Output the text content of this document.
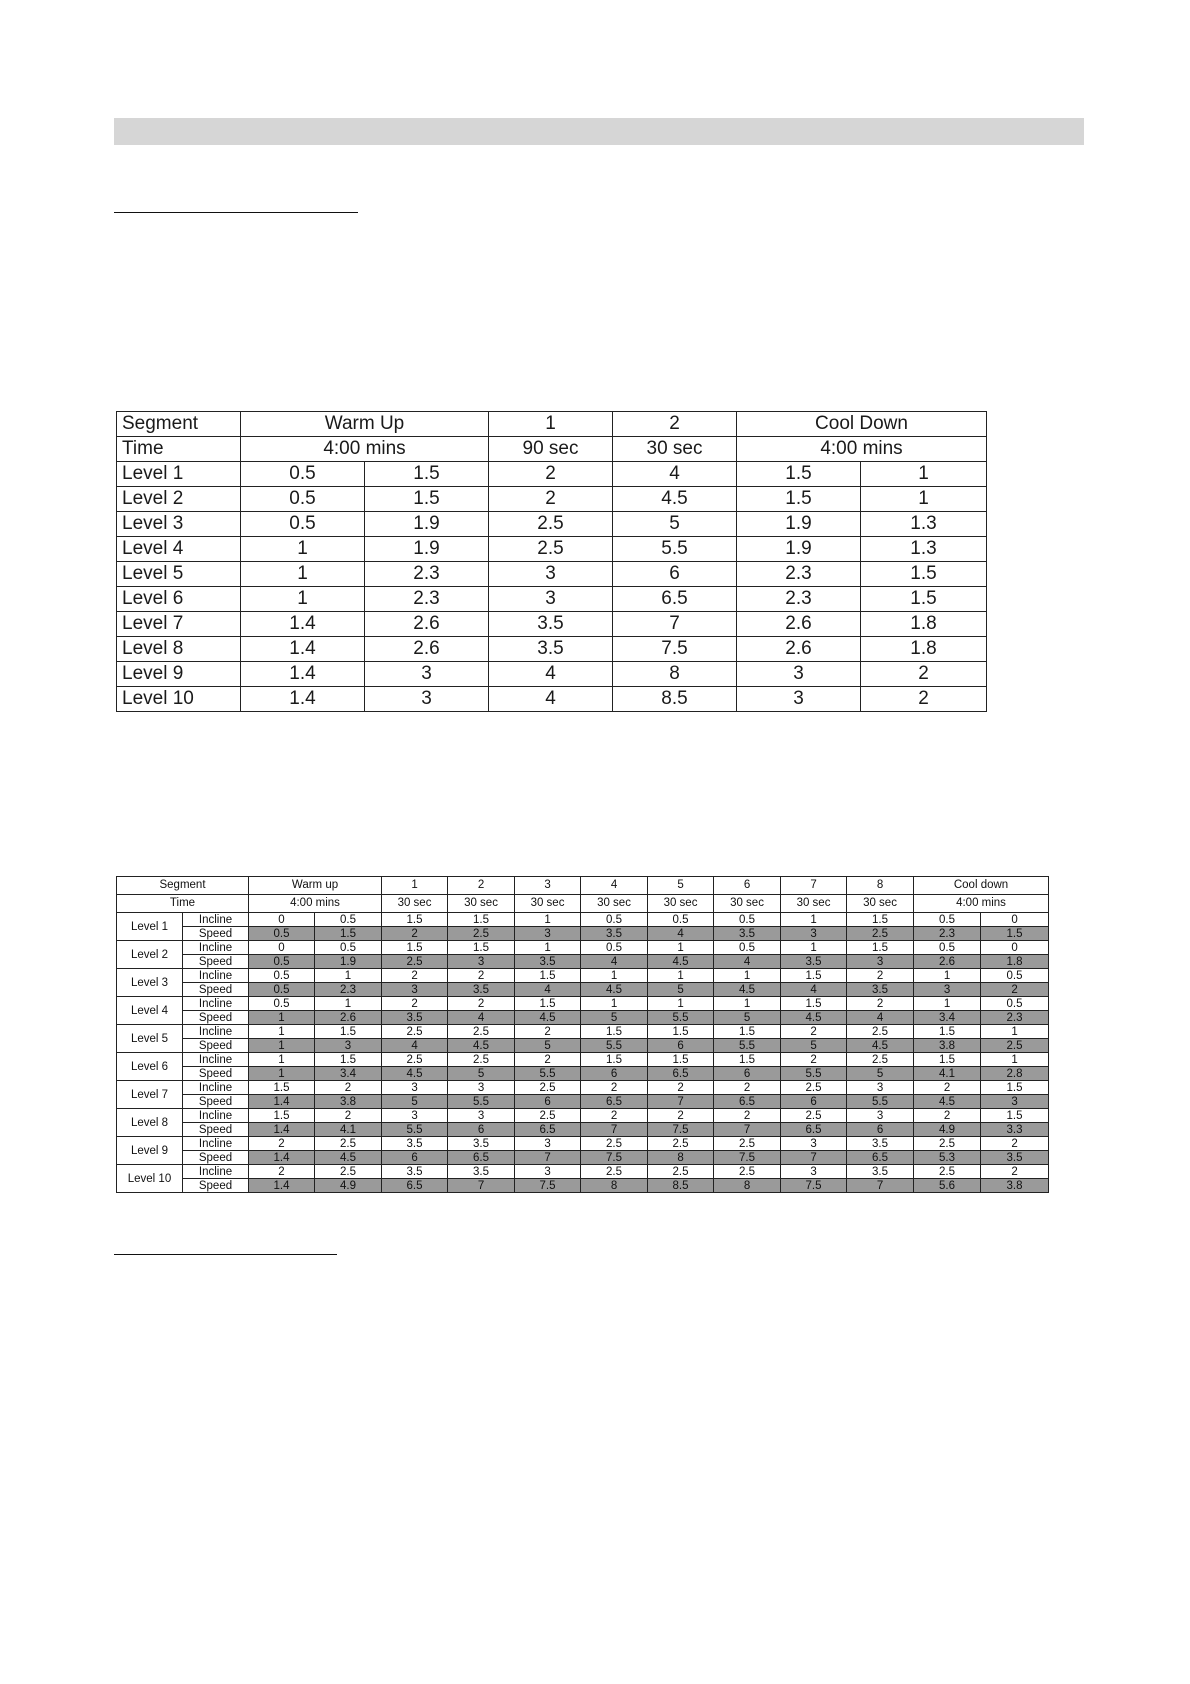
Segment	Warm Up		1	2	Cool Down	
Time	4:00 mins		90 sec	30 sec	4:00 mins	
Level 1	0.5	1.5	2	4	1.5	1
Level 2	0.5	1.5	2	4.5	1.5	1
Level 3	0.5	1.9	2.5	5	1.9	1.3
Level 4	1	1.9	2.5	5.5	1.9	1.3
Level 5	1	2.3	3	6	2.3	1.5
Level 6	1	2.3	3	6.5	2.3	1.5
Level 7	1.4	2.6	3.5	7	2.6	1.8
Level 8	1.4	2.6	3.5	7.5	2.6	1.8
Level 9	1.4	3	4	8	3	2
Level 10	1.4	3	4	8.5	3	2
Segment		Warm up		1	2	3	4	5	6	7	8	Cool down	
Time		4:00 mins		30 sec	30 sec	30 sec	30 sec	30 sec	30 sec	30 sec	30 sec	4:00 mins	
Level 1	Incline	0	0.5	1.5	1.5	1	0.5	0.5	0.5	1	1.5	0.5	0
	Speed	0.5	1.5	2	2.5	3	3.5	4	3.5	3	2.5	2.3	1.5
Level 2	Incline	0	0.5	1.5	1.5	1	0.5	1	0.5	1	1.5	0.5	0
	Speed	0.5	1.9	2.5	3	3.5	4	4.5	4	3.5	3	2.6	1.8
Level 3	Incline	0.5	1	2	2	1.5	1	1	1	1.5	2	1	0.5
	Speed	0.5	2.3	3	3.5	4	4.5	5	4.5	4	3.5	3	2
Level 4	Incline	0.5	1	2	2	1.5	1	1	1	1.5	2	1	0.5
	Speed	1	2.6	3.5	4	4.5	5	5.5	5	4.5	4	3.4	2.3
Level 5	Incline	1	1.5	2.5	2.5	2	1.5	1.5	1.5	2	2.5	1.5	1
	Speed	1	3	4	4.5	5	5.5	6	5.5	5	4.5	3.8	2.5
Level 6	Incline	1	1.5	2.5	2.5	2	1.5	1.5	1.5	2	2.5	1.5	1
	Speed	1	3.4	4.5	5	5.5	6	6.5	6	5.5	5	4.1	2.8
Level 7	Incline	1.5	2	3	3	2.5	2	2	2	2.5	3	2	1.5
	Speed	1.4	3.8	5	5.5	6	6.5	7	6.5	6	5.5	4.5	3
Level 8	Incline	1.5	2	3	3	2.5	2	2	2	2.5	3	2	1.5
	Speed	1.4	4.1	5.5	6	6.5	7	7.5	7	6.5	6	4.9	3.3
Level 9	Incline	2	2.5	3.5	3.5	3	2.5	2.5	2.5	3	3.5	2.5	2
	Speed	1.4	4.5	6	6.5	7	7.5	8	7.5	7	6.5	5.3	3.5
Level 10	Incline	2	2.5	3.5	3.5	3	2.5	2.5	2.5	3	3.5	2.5	2
	Speed	1.4	4.9	6.5	7	7.5	8	8.5	8	7.5	7	5.6	3.8
